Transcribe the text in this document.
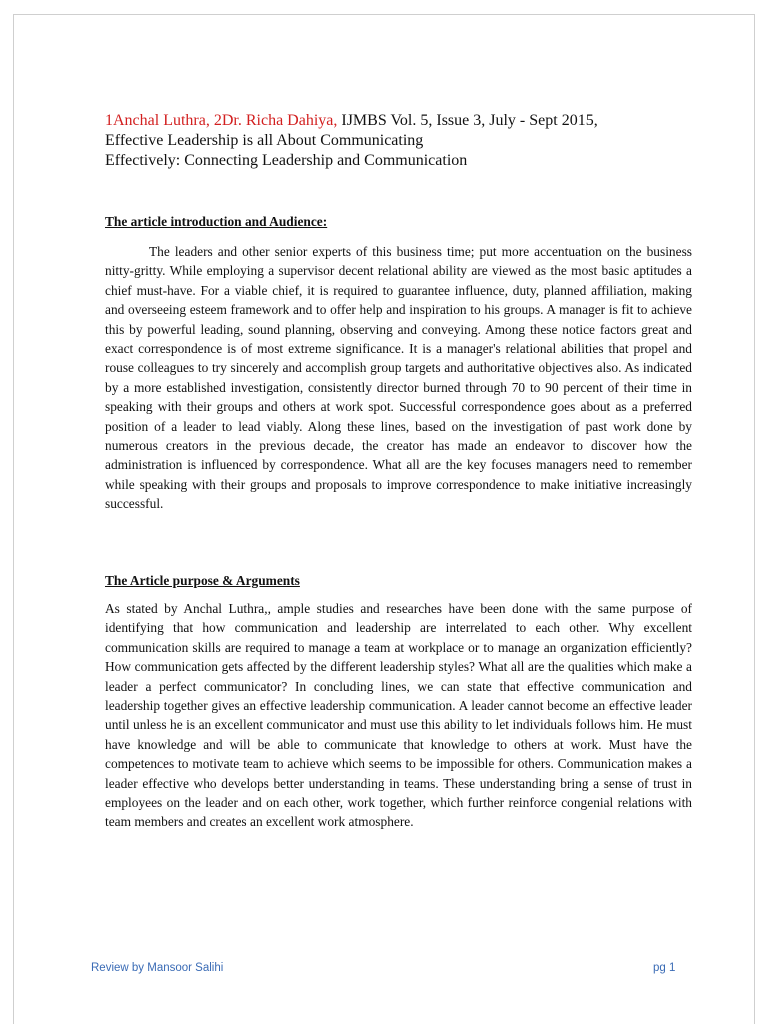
1Anchal Luthra, 2Dr. Richa Dahiya, IJMBS Vol. 5, Issue 3, July - Sept 2015,
Effective Leadership is all About Communicating
Effectively: Connecting Leadership and Communication
The article introduction and Audience:

The leaders and other senior experts of this business time; put more accentuation on the business nitty-gritty. While employing a supervisor decent relational ability are viewed as the most basic aptitudes a chief must-have. For a viable chief, it is required to guarantee influence, duty, planned affiliation, making and overseeing esteem framework and to offer help and inspiration to his groups. A manager is fit to achieve this by powerful leading, sound planning, observing and conveying. Among these notice factors great and exact correspondence is of most extreme significance. It is a manager's relational abilities that propel and rouse colleagues to try sincerely and accomplish group targets and authoritative objectives also. As indicated by a more established investigation, consistently director burned through 70 to 90 percent of their time in speaking with their groups and others at work spot. Successful correspondence goes about as a preferred position of a leader to lead viably. Along these lines, based on the investigation of past work done by numerous creators in the previous decade, the creator has made an endeavor to discover how the administration is influenced by correspondence. What all are the key focuses managers need to remember while speaking with their groups and proposals to improve correspondence to make initiative increasingly successful.

The Article purpose & Arguments

As stated by Anchal Luthra,, ample studies and researches have been done with the same purpose of identifying that how communication and leadership are interrelated to each other. Why excellent communication skills are required to manage a team at workplace or to manage an organization efficiently? How communication gets affected by the different leadership styles? What all are the qualities which make a leader a perfect communicator? In concluding lines, we can state that effective communication and leadership together gives an effective leadership communication. A leader cannot become an effective leader until unless he is an excellent communicator and must use this ability to let individuals follows him. He must have knowledge and will be able to communicate that knowledge to others at work. Must have the competences to motivate team to achieve which seems to be impossible for others. Communication makes a leader effective who develops better understanding in teams. These understanding bring a sense of trust in employees on the leader and on each other, work together, which further reinforce congenial relations with team members and creates an excellent work atmosphere.

Review by Mansoor Salihi	pg 1
